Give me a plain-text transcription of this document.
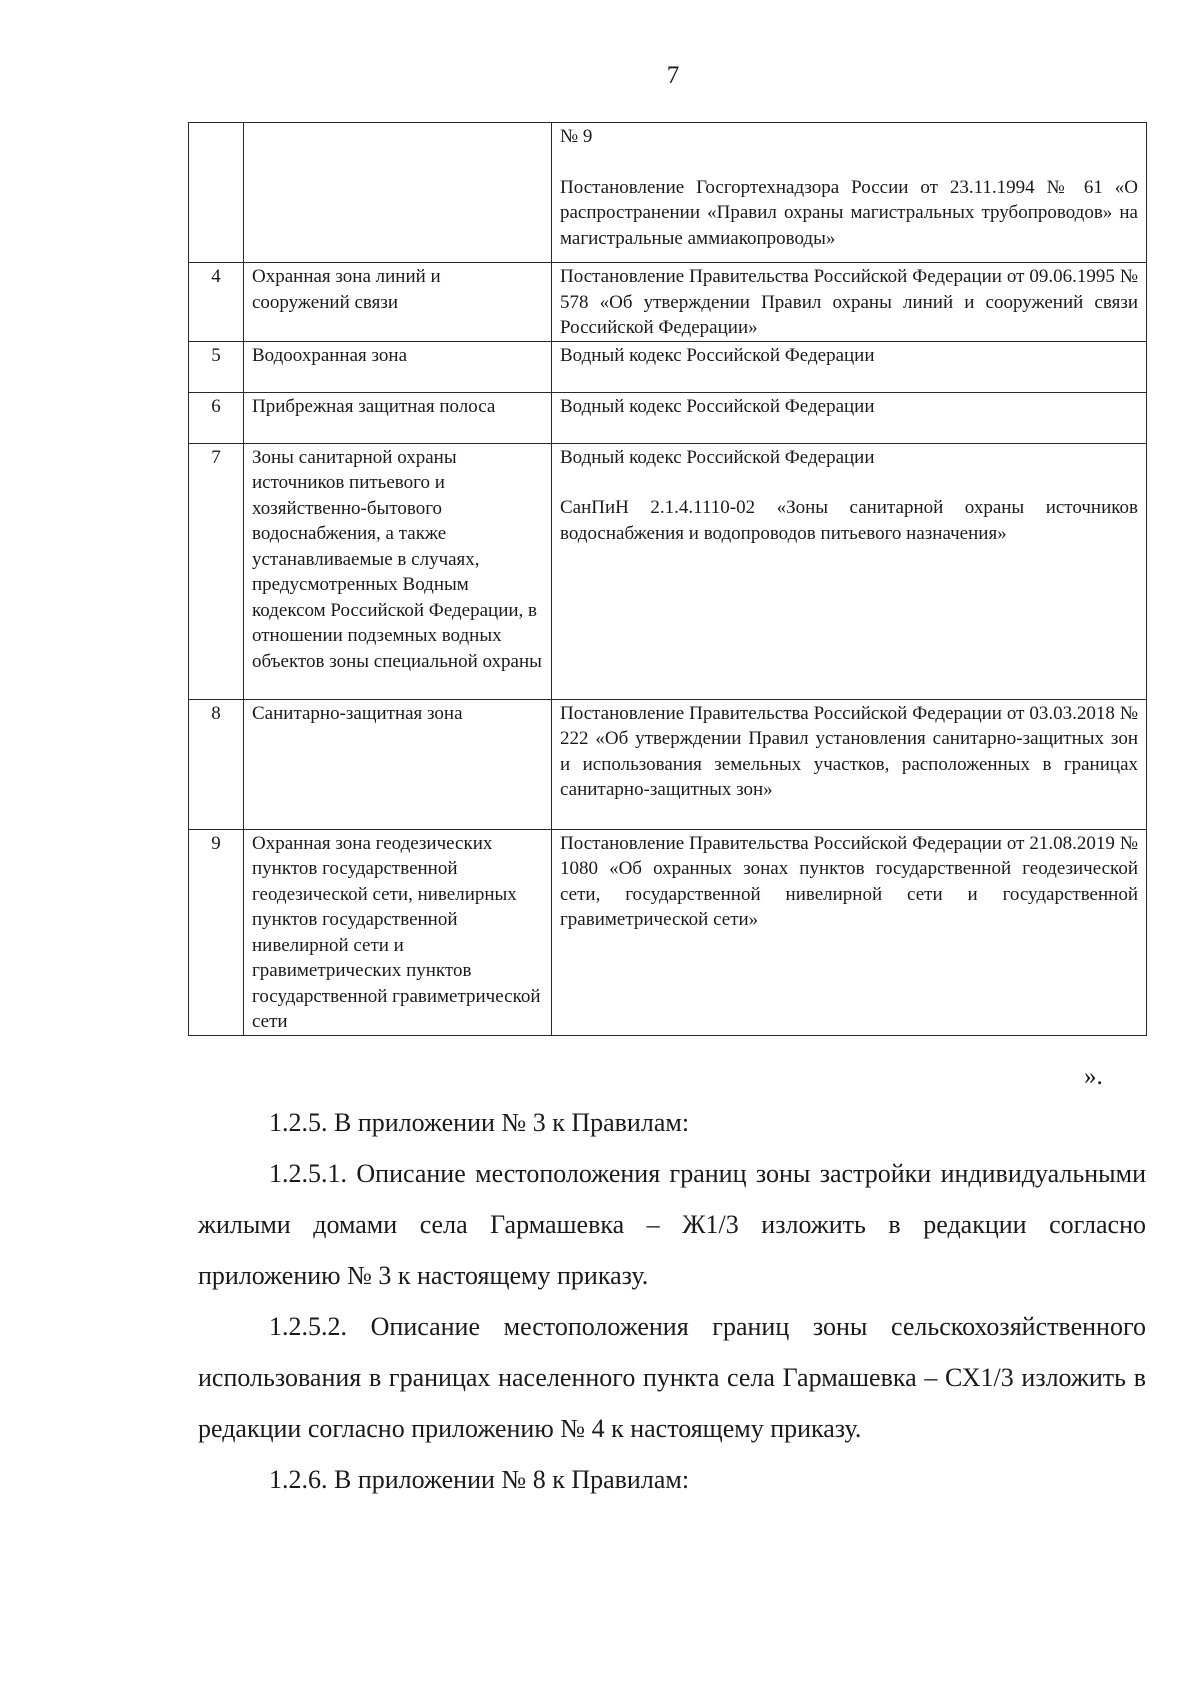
7

		№ 9

Постановление Госгортехнадзора России от 23.11.1994 № 61 «О распространении «Правил охраны магистральных трубопроводов» на магистральные аммиакопроводы»

4	Охранная зона линий и сооружений связи	Постановление Правительства Российской Федерации от 09.06.1995 № 578 «Об утверждении Правил охраны линий и сооружений связи Российской Федерации»

5	Водоохранная зона	Водный кодекс Российской Федерации

6	Прибрежная защитная полоса	Водный кодекс Российской Федерации

7	Зоны санитарной охраны источников питьевого и хозяйственно-бытового водоснабжения, а также устанавливаемые в случаях, предусмотренных Водным кодексом Российской Федерации, в отношении подземных водных объектов зоны специальной охраны	Водный кодекс Российской Федерации

СанПиН 2.1.4.1110-02 «Зоны санитарной охраны источников водоснабжения и водопроводов питьевого назначения»

8	Санитарно-защитная зона	Постановление Правительства Российской Федерации от 03.03.2018 № 222 «Об утверждении Правил установления санитарно-защитных зон и использования земельных участков, расположенных в границах санитарно-защитных зон»

9	Охранная зона геодезических пунктов государственной геодезической сети, нивелирных пунктов государственной нивелирной сети и гравиметрических пунктов государственной гравиметрической сети	Постановление Правительства Российской Федерации от 21.08.2019 № 1080 «Об охранных зонах пунктов государственной геодезической сети, государственной нивелирной сети и государственной гравиметрической сети»

».

1.2.5. В приложении № 3 к Правилам:

1.2.5.1. Описание местоположения границ зоны застройки индивидуальными жилыми домами села Гармашевка – Ж1/3 изложить в редакции согласно приложению № 3 к настоящему приказу.

1.2.5.2. Описание местоположения границ зоны сельскохозяйственного использования в границах населенного пункта села Гармашевка – СХ1/3 изложить в редакции согласно приложению № 4 к настоящему приказу.

1.2.6. В приложении № 8 к Правилам:
